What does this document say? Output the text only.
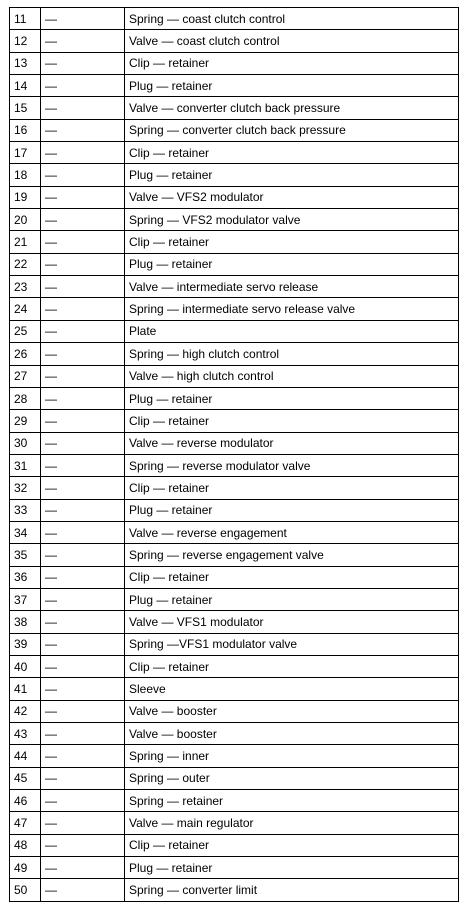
11	—	Spring — coast clutch control
12	—	Valve — coast clutch control
13	—	Clip — retainer
14	—	Plug — retainer
15	—	Valve — converter clutch back pressure
16	—	Spring — converter clutch back pressure
17	—	Clip — retainer
18	—	Plug — retainer
19	—	Valve — VFS2 modulator
20	—	Spring — VFS2 modulator valve
21	—	Clip — retainer
22	—	Plug — retainer
23	—	Valve — intermediate servo release
24	—	Spring — intermediate servo release valve
25	—	Plate
26	—	Spring — high clutch control
27	—	Valve — high clutch control
28	—	Plug — retainer
29	—	Clip — retainer
30	—	Valve — reverse modulator
31	—	Spring — reverse modulator valve
32	—	Clip — retainer
33	—	Plug — retainer
34	—	Valve — reverse engagement
35	—	Spring — reverse engagement valve
36	—	Clip — retainer
37	—	Plug — retainer
38	—	Valve — VFS1 modulator
39	—	Spring —VFS1 modulator valve
40	—	Clip — retainer
41	—	Sleeve
42	—	Valve — booster
43	—	Valve — booster
44	—	Spring — inner
45	—	Spring — outer
46	—	Spring — retainer
47	—	Valve — main regulator
48	—	Clip — retainer
49	—	Plug — retainer
50	—	Spring — converter limit
